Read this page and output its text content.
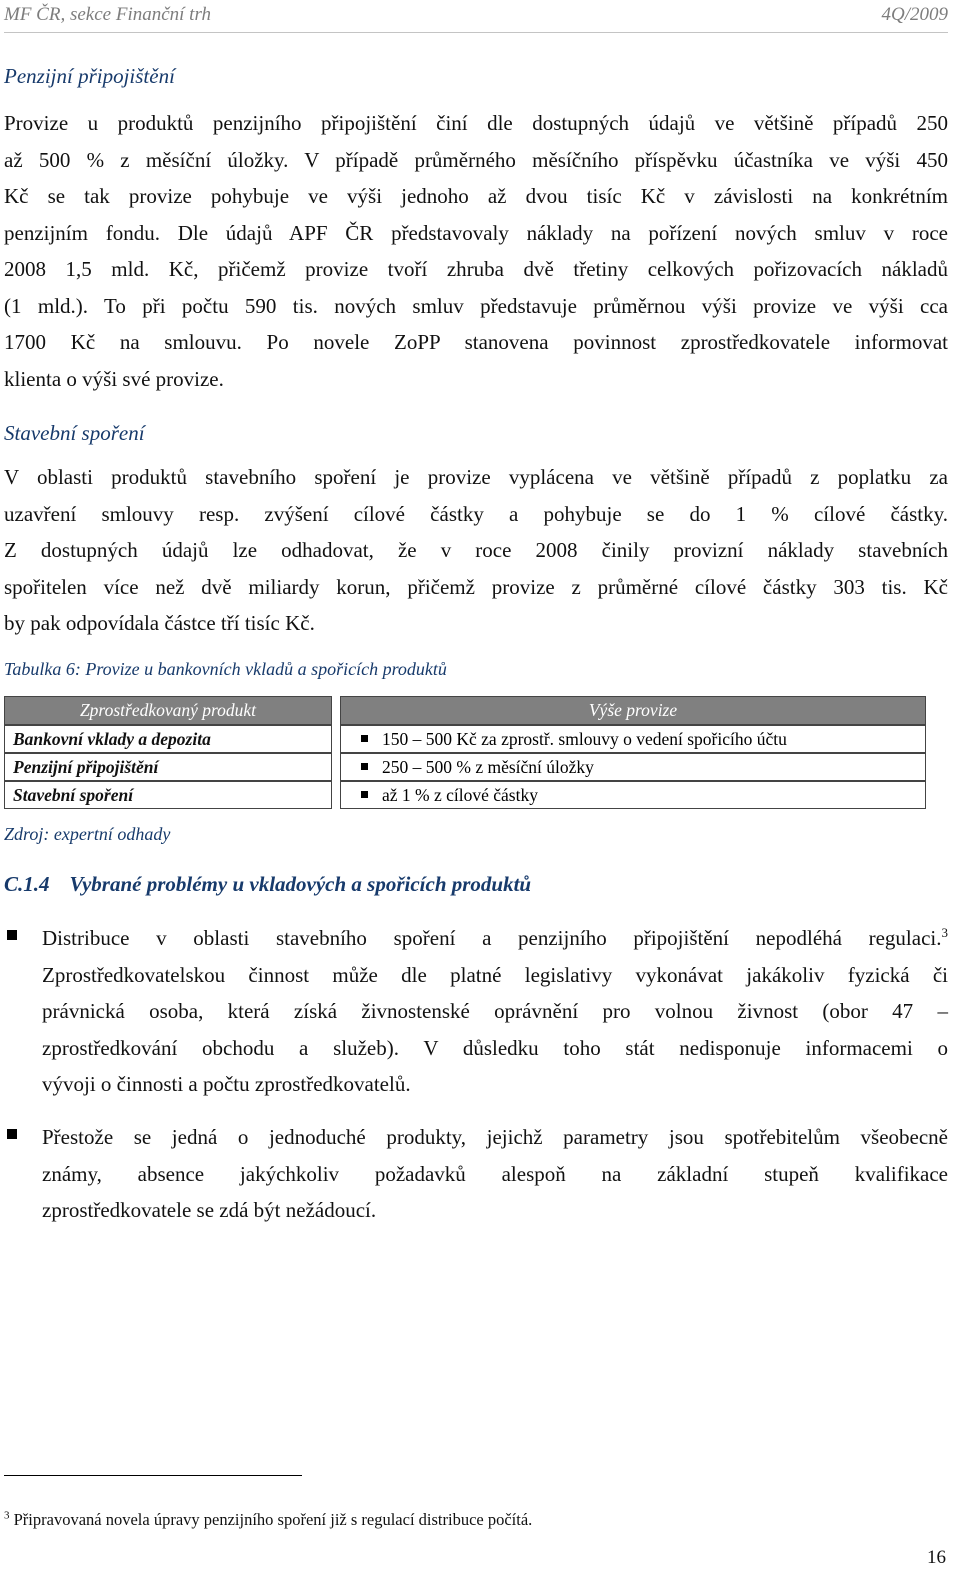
MF ČR, sekce Finanční trh	4Q/2009
Penzijní připojištění
Provize u produktů penzijního připojištění činí dle dostupných údajů ve většině případů 250
až 500 % z měsíční úložky. V případě průměrného měsíčního příspěvku účastníka ve výši 450
Kč se tak provize pohybuje ve výši jednoho až dvou tisíc Kč v závislosti na konkrétním
penzijním fondu. Dle údajů APF ČR představovaly náklady na pořízení nových smluv v roce
2008 1,5 mld. Kč, přičemž provize tvoří zhruba dvě třetiny celkových pořizovacích nákladů
(1 mld.). To při počtu 590 tis. nových smluv představuje průměrnou výši provize ve výši cca
1700 Kč na smlouvu. Po novele ZoPP stanovena povinnost zprostředkovatele informovat
klienta o výši své provize.
Stavební spoření
V oblasti produktů stavebního spoření je provize vyplácena ve většině případů z poplatku za
uzavření smlouvy resp. zvýšení cílové částky a pohybuje se do 1 % cílové částky.
Z dostupných údajů lze odhadovat, že v roce 2008 činily provizní náklady stavebních
spořitelen více než dvě miliardy korun, přičemž provize z průměrné cílové částky 303 tis. Kč
by pak odpovídala částce tří tisíc Kč.
Tabulka 6: Provize u bankovních vkladů a spořicích produktů
Zprostředkovaný produkt		Výše provize
Bankovní vklady a depozita		150 – 500 Kč za zprostř. smlouvy o vedení spořicího účtu
Penzijní připojištění		250 – 500 % z měsíční úložky
Stavební spoření		až 1 % z cílové částky
Zdroj: expertní odhady
C.1.4 Vybrané problémy u vkladových a spořicích produktů
Distribuce v oblasti stavebního spoření a penzijního připojištění nepodléhá regulaci.$^3$
Zprostředkovatelskou činnost může dle platné legislativy vykonávat jakákoliv fyzická či
právnická osoba, která získá živnostenské oprávnění pro volnou živnost (obor 47 –
zprostředkování obchodu a služeb). V důsledku toho stát nedisponuje informacemi o
vývoji o činnosti a počtu zprostředkovatelů.
Přestože se jedná o jednoduché produkty, jejichž parametry jsou spotřebitelům všeobecně
známy, absence jakýchkoliv požadavků alespoň na základní stupeň kvalifikace
zprostředkovatele se zdá být nežádoucí.
$^3$ Připravovaná novela úpravy penzijního spoření již s regulací distribuce počítá.
16
